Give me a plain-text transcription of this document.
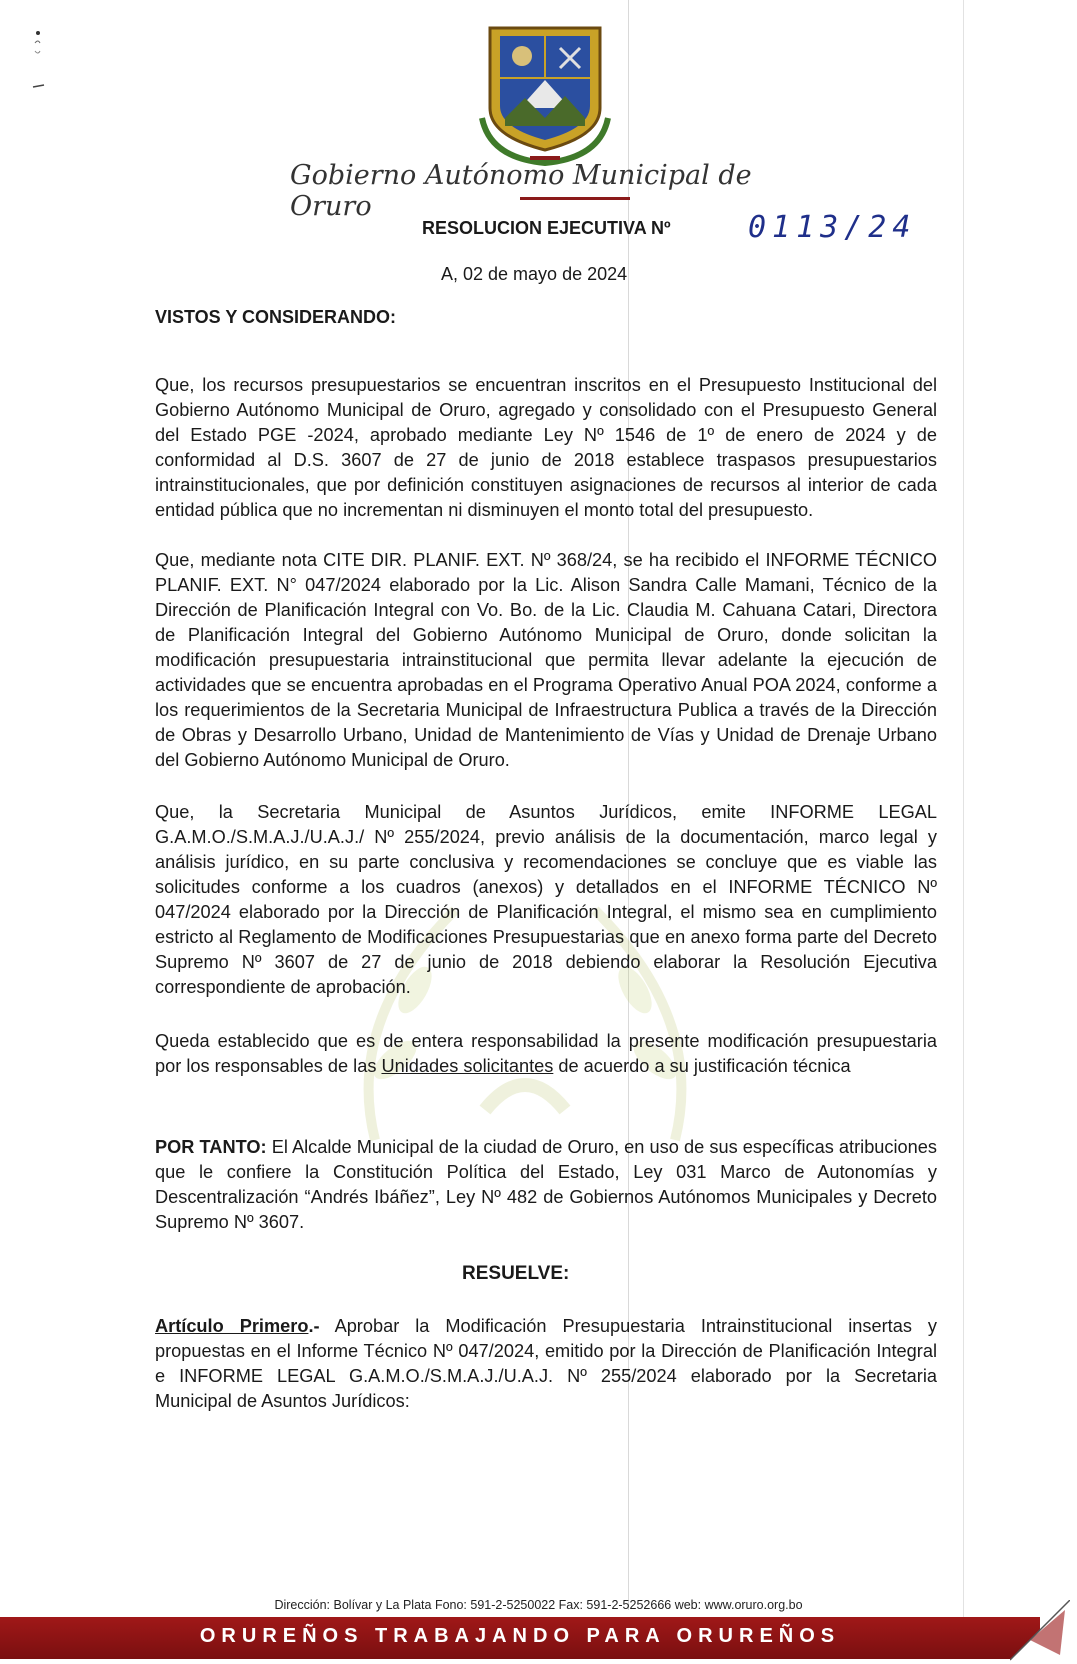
Gobierno Autónomo Municipal de Oruro
RESOLUCION EJECUTIVA Nº	0113/24
A, 02 de mayo de 2024
VISTOS Y CONSIDERANDO:
Que, los recursos presupuestarios se encuentran inscritos en el Presupuesto Institucional del Gobierno Autónomo Municipal de Oruro, agregado y consolidado con el Presupuesto General del Estado PGE -2024, aprobado mediante Ley Nº 1546 de 1º de enero de 2024 y de conformidad al D.S. 3607 de 27 de junio de 2018 establece traspasos presupuestarios intrainstitucionales, que por definición constituyen asignaciones de recursos al interior de cada entidad pública que no incrementan ni disminuyen el monto total del presupuesto.
Que, mediante nota CITE DIR. PLANIF. EXT. Nº 368/24, se ha recibido el INFORME TÉCNICO PLANIF. EXT. N° 047/2024 elaborado por la Lic. Alison Sandra Calle Mamani, Técnico de la Dirección de Planificación Integral con Vo. Bo. de la Lic. Claudia M. Cahuana Catari, Directora de Planificación Integral del Gobierno Autónomo Municipal de Oruro, donde solicitan la modificación presupuestaria intrainstitucional que permita llevar adelante la ejecución de actividades que se encuentra aprobadas en el Programa Operativo Anual POA 2024, conforme a los requerimientos de la Secretaria Municipal de Infraestructura Publica a través de la Dirección de Obras y Desarrollo Urbano, Unidad de Mantenimiento de Vías y Unidad de Drenaje Urbano del Gobierno Autónomo Municipal de Oruro.
Que, la Secretaria Municipal de Asuntos Jurídicos, emite INFORME LEGAL G.A.M.O./S.M.A.J./U.A.J./ Nº 255/2024, previo análisis de la documentación, marco legal y análisis jurídico, en su parte conclusiva y recomendaciones se concluye que es viable las solicitudes conforme a los cuadros (anexos) y detallados en el INFORME TÉCNICO Nº 047/2024 elaborado por la Dirección de Planificación Integral, el mismo sea en cumplimiento estricto al Reglamento de Modificaciones Presupuestarias que en anexo forma parte del Decreto Supremo Nº 3607 de 27 de junio de 2018 debiendo elaborar la Resolución Ejecutiva correspondiente de aprobación.
Queda establecido que es de entera responsabilidad la presente modificación presupuestaria por los responsables de las Unidades solicitantes de acuerdo a su justificación técnica
POR TANTO: El Alcalde Municipal de la ciudad de Oruro, en uso de sus específicas atribuciones que le confiere la Constitución Política del Estado, Ley 031 Marco de Autonomías y Descentralización “Andrés Ibáñez”, Ley Nº 482 de Gobiernos Autónomos Municipales y Decreto Supremo Nº 3607.
RESUELVE:
Artículo Primero.- Aprobar la Modificación Presupuestaria Intrainstitucional insertas y propuestas en el Informe Técnico Nº 047/2024, emitido por la Dirección de Planificación Integral e INFORME LEGAL G.A.M.O./S.M.A.J./U.A.J. Nº 255/2024 elaborado por la Secretaria Municipal de Asuntos Jurídicos:
Dirección: Bolívar y La Plata Fono: 591-2-5250022 Fax: 591-2-5252666 web: www.oruro.org.bo
ORUREÑOS TRABAJANDO PARA ORUREÑOS
